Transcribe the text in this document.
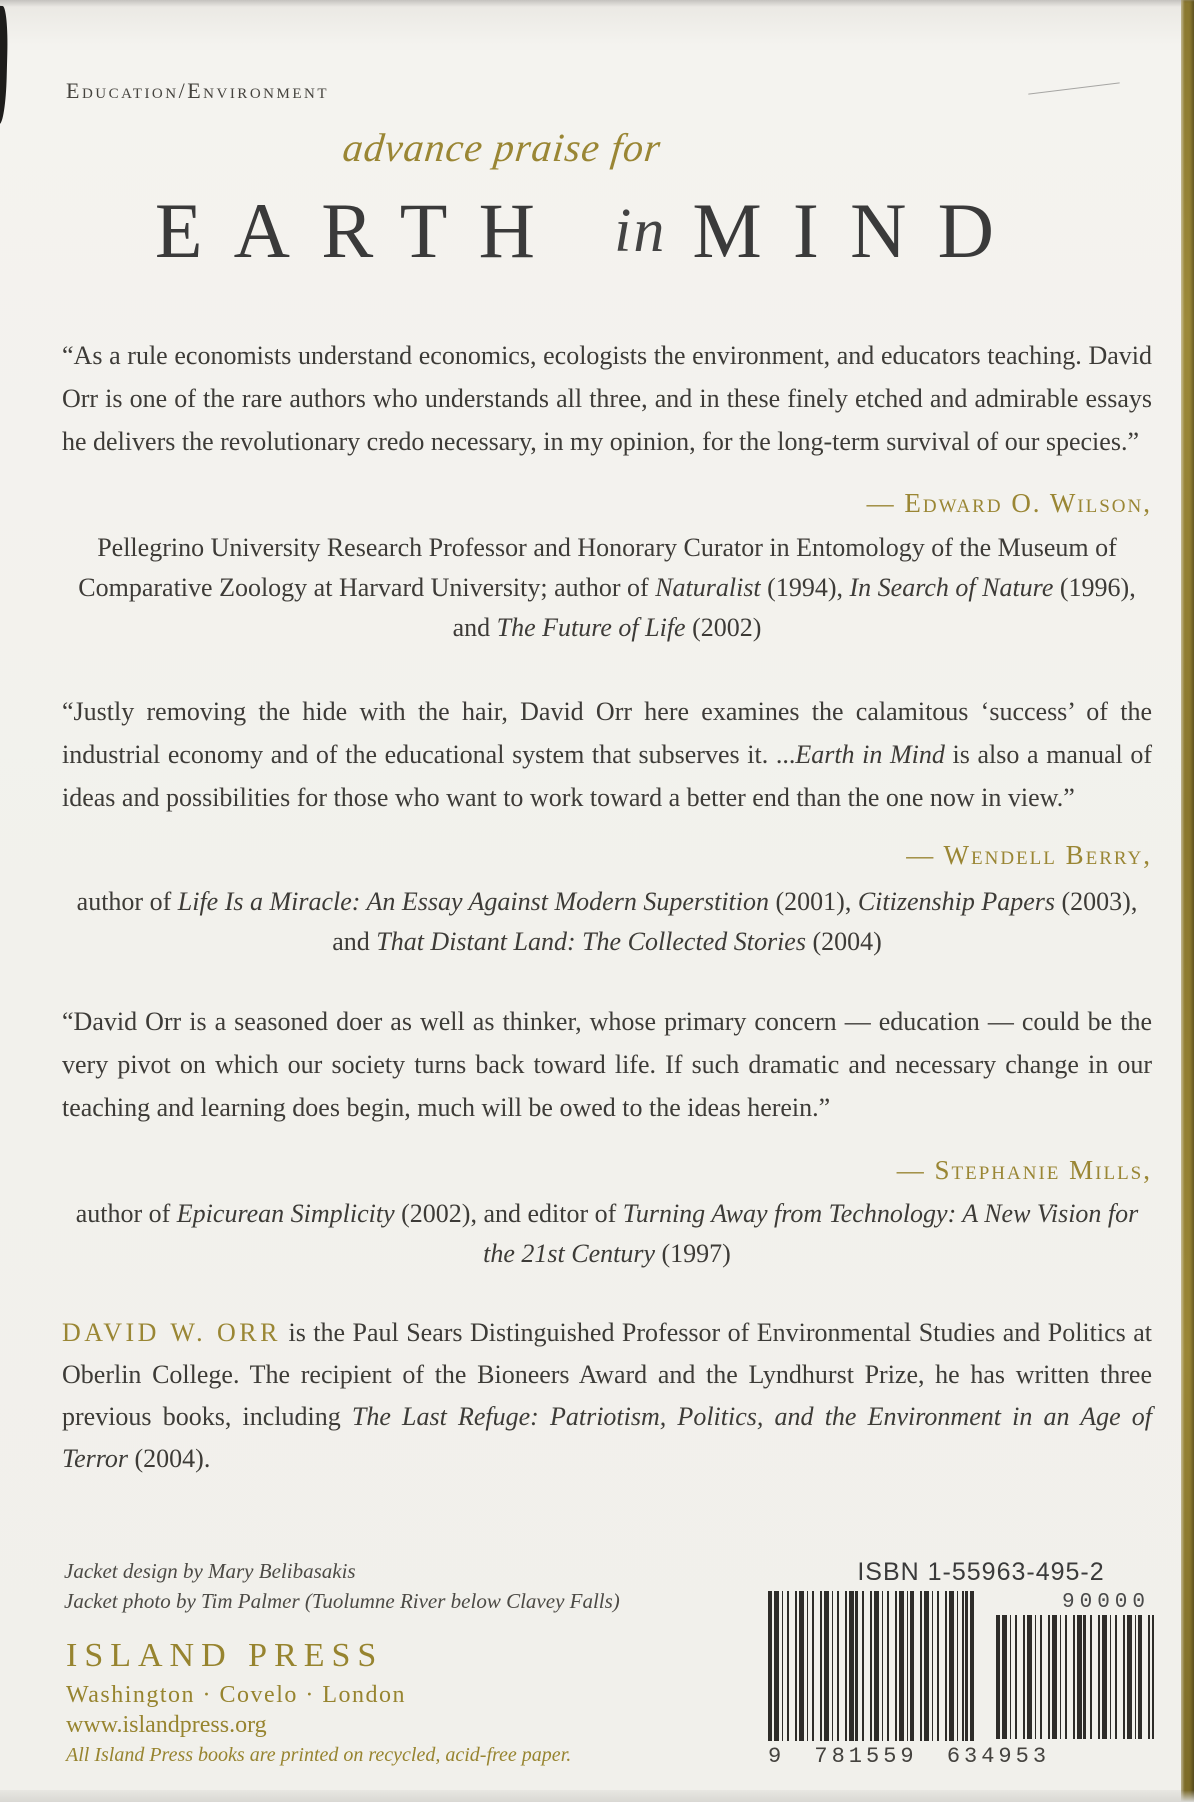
Education/Environment
advance praise for
EARTH in MIND
“As a rule economists understand economics, ecologists the environment, and educators teaching. David Orr is one of the rare authors who understands all three, and in these finely etched and admirable essays he delivers the revolutionary credo necessary, in my opinion, for the long-term survival of our species.”
— Edward O. Wilson,
Pellegrino University Research Professor and Honorary Curator in Entomology of the Museum of Comparative Zoology at Harvard University; author of Naturalist (1994), In Search of Nature (1996), and The Future of Life (2002)
“Justly removing the hide with the hair, David Orr here examines the calamitous ‘success’ of the industrial economy and of the educational system that subserves it. ...Earth in Mind is also a manual of ideas and possibilities for those who want to work toward a better end than the one now in view.”
— Wendell Berry,
author of Life Is a Miracle: An Essay Against Modern Superstition (2001), Citizenship Papers (2003), and That Distant Land: The Collected Stories (2004)
“David Orr is a seasoned doer as well as thinker, whose primary concern — education — could be the very pivot on which our society turns back toward life. If such dramatic and necessary change in our teaching and learning does begin, much will be owed to the ideas herein.”
— Stephanie Mills,
author of Epicurean Simplicity (2002), and editor of Turning Away from Technology: A New Vision for the 21st Century (1997)
DAVID W. ORR is the Paul Sears Distinguished Professor of Environmental Studies and Politics at Oberlin College. The recipient of the Bioneers Award and the Lyndhurst Prize, he has written three previous books, including The Last Refuge: Patriotism, Politics, and the Environment in an Age of Terror (2004).
Jacket design by Mary Belibasakis
Jacket photo by Tim Palmer (Tuolumne River below Clavey Falls)
ISLAND PRESS
Washington · Covelo · London
www.islandpress.org
All Island Press books are printed on recycled, acid-free paper.
ISBN 1-55963-495-2
9 781559 634953
90000
